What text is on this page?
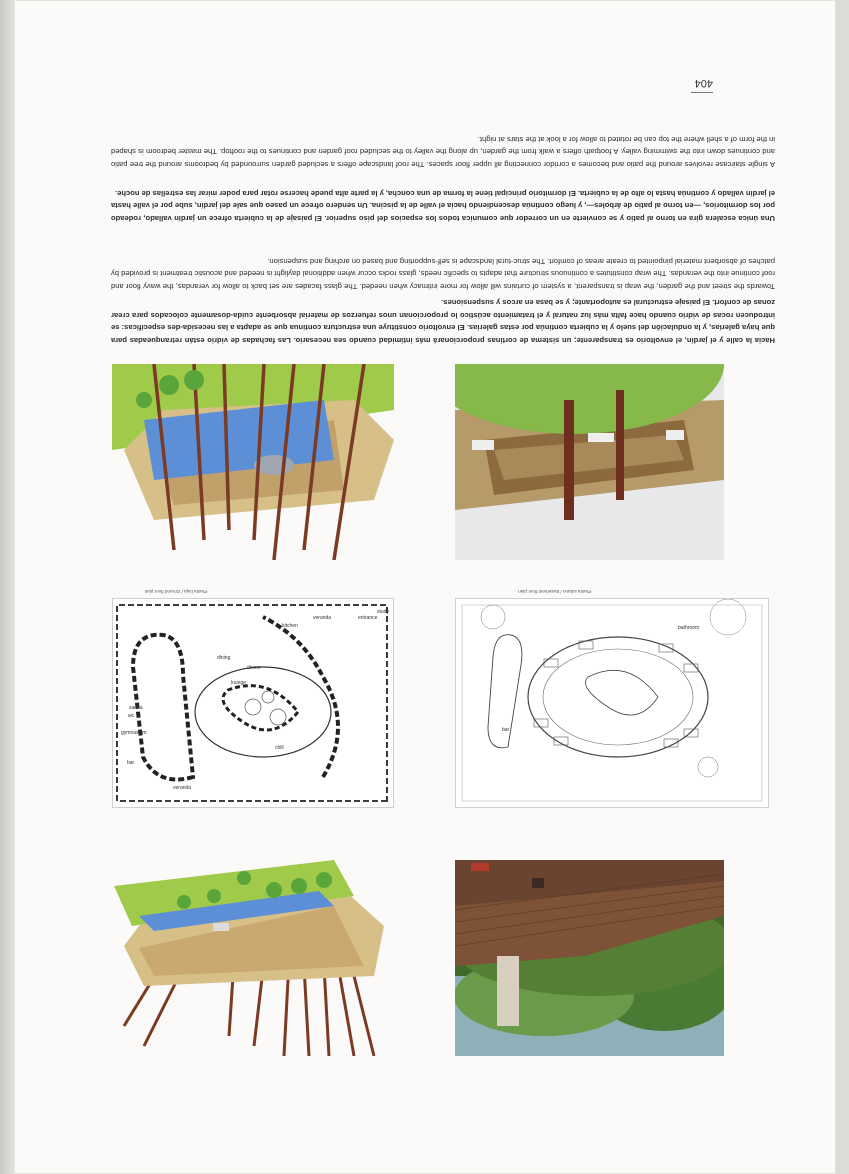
bar
bathroom
Planta sótano / Basement floor plan
veranda
veranda
bar
gymnasium
wc
sauna
kitchen
dining
lounge
entrance
study
chill
dinner
Planta baja / Ground floor plan
Hacia la calle y el jardín, el envoltorio es transparente; un sistema de cortinas proporcionará más intimidad cuando sea necesario. Las fachadas de vidrio están retranqueadas para que haya galerías, y la ondulación del suelo y la cubierta continúa por estas galerías. El envoltorio constituye una estructura continua que se adapta a las necesida-des específicas: se introducen rocas de vidrio cuando hace falta más luz natural y el tratamiento acústico lo proporcionan unos refuerzos de material absorbente cuida-dosamente colocados para crear zonas de confort. El paisaje estructural es autoportante; y se basa en arcos y suspensiones.
Towards the street and the garden, the wrap is transparent, a system of curtains will allow for more intimacy when needed. The glass facades are set back to allow for verandas, the wavy floor and roof continue into the verandas. The wrap constitutes a continuous structure that adapts to specific needs, glass rocks occur when additional daylight is needed and acoustic treatment is provided by patches of absorbent material pinpointed to create areas of comfort. The struc-tural landscape is self-supporting and based on arching and suspension.
Una única escalera gira en torno al patio y se convierte en un corredor que comunica todos los espacios del piso superior. El paisaje de la cubierta ofrece un jardín vallado, rodeado por los dormitorios, —en torno al patio de árboles—, y luego continúa descendiendo hacia el valle de la piscina. Un sendero ofrece un paseo que sale del jardín, sube por el valle hasta el jardín vallado y continúa hasta lo alto de la cubierta. El dormitorio principal tiene la forma de una concha, y la parte alta puede hacerse rotar para poder mirar las estrellas de noche.
A single staircase revolves around the patio and becomes a corridor connecting all upper floor spaces. The roof landscape offers a secluded garden surrounded by bedrooms around the tree patio and continues down into the swimming valley. A footpath offers a walk from the garden, up along the valley to the secluded roof garden and continues to the rooftop. The master bedroom is shaped in the form of a shell where the top can be rotated to allow for a look at the stars at night.
404
